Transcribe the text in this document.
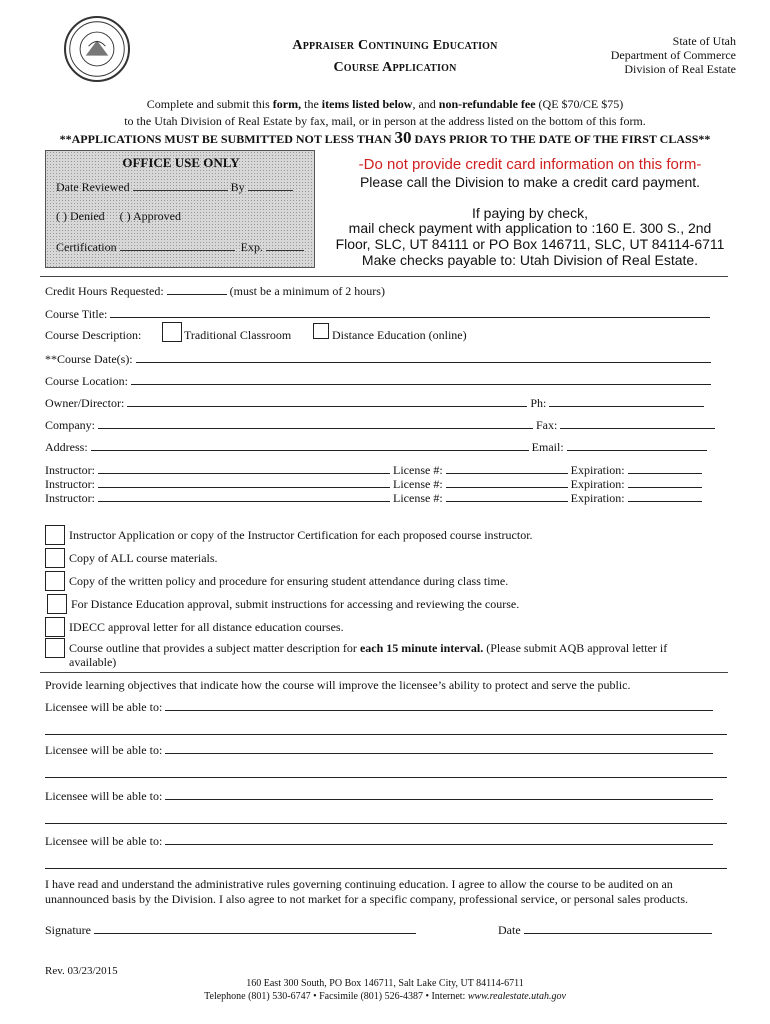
Appraiser Continuing Education
Course Application
State of Utah
Department of Commerce
Division of Real Estate
Complete and submit this form, the items listed below, and non-refundable fee (QE $70/CE $75)
to the Utah Division of Real Estate by fax, mail, or in person at the address listed on the bottom of this form.
**APPLICATIONS MUST BE SUBMITTED NOT LESS THAN 30 DAYS PRIOR TO THE DATE OF THE FIRST CLASS**
OFFICE USE ONLY
Date Reviewed	By
( ) Denied ( ) Approved
Certification	Exp.
-Do not provide credit card information on this form-
Please call the Division to make a credit card payment.
If paying by check,
mail check payment with application to :160 E. 300 S., 2nd
Floor, SLC, UT 84111 or PO Box 146711, SLC, UT 84114-6711
Make checks payable to: Utah Division of Real Estate.
Credit Hours Requested:	(must be a minimum of 2 hours)
Course Title:
Course Description:	Traditional Classroom	Distance Education (online)
**Course Date(s):
Course Location:
Owner/Director:	Ph:
Company:	Fax:
Address:	Email:
Instructor:	License #:	Expiration:
Instructor:	License #:	Expiration:
Instructor:	License #:	Expiration:
Instructor Application or copy of the Instructor Certification for each proposed course instructor.
Copy of ALL course materials.
Copy of the written policy and procedure for ensuring student attendance during class time.
For Distance Education approval, submit instructions for accessing and reviewing the course.
IDECC approval letter for all distance education courses.
Course outline that provides a subject matter description for each 15 minute interval. (Please submit AQB approval letter if
available)
Provide learning objectives that indicate how the course will improve the licensee’s ability to protect and serve the public.
Licensee will be able to:
Licensee will be able to:
Licensee will be able to:
Licensee will be able to:
I have read and understand the administrative rules governing continuing education. I agree to allow the course to be audited on an
unannounced basis by the Division. I also agree to not market for a specific company, professional service, or personal sales products.
Signature	Date
Rev. 03/23/2015
160 East 300 South, PO Box 146711, Salt Lake City, UT 84114-6711
Telephone (801) 530-6747 • Facsimile (801) 526-4387 • Internet: www.realestate.utah.gov
